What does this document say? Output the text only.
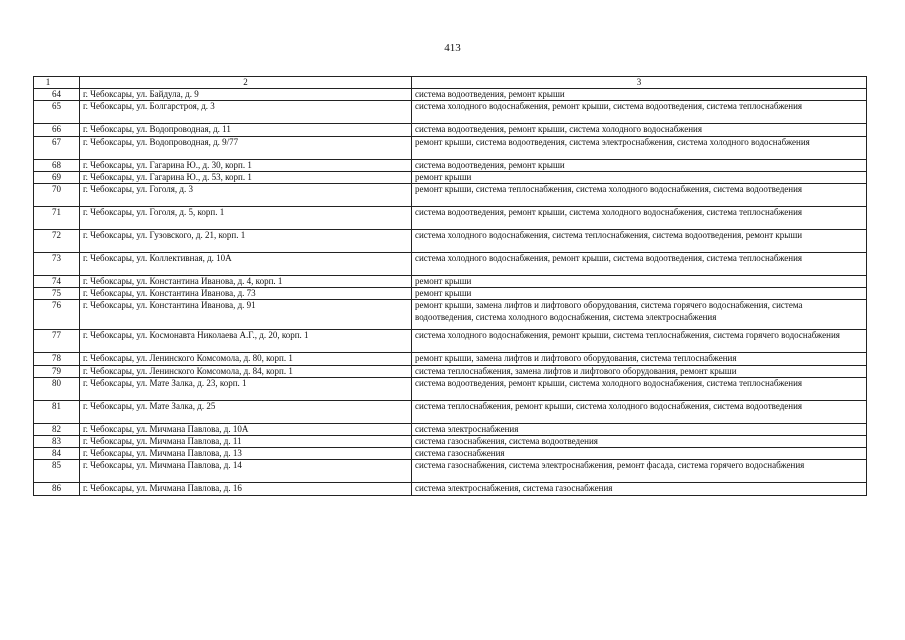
413
1	2	3
64	г. Чебоксары, ул. Байдула, д. 9	система водоотведения, ремонт крыши
65	г. Чебоксары, ул. Болгарстроя, д. 3	система холодного водоснабжения, ремонт крыши, система водоотведения, система теплоснабжения
66	г. Чебоксары, ул. Водопроводная, д. 11	система водоотведения, ремонт крыши, система холодного водоснабжения
67	г. Чебоксары, ул. Водопроводная, д. 9/77	ремонт крыши, система водоотведения, система электроснабжения, система холодного водоснабжения
68	г. Чебоксары, ул. Гагарина Ю., д. 30, корп. 1	система водоотведения, ремонт крыши
69	г. Чебоксары, ул. Гагарина Ю., д. 53, корп. 1	ремонт крыши
70	г. Чебоксары, ул. Гоголя, д. 3	ремонт крыши, система теплоснабжения, система холодного водоснабжения, система водоотведения
71	г. Чебоксары, ул. Гоголя, д. 5, корп. 1	система водоотведения, ремонт крыши, система холодного водоснабжения, система теплоснабжения
72	г. Чебоксары, ул. Гузовского, д. 21, корп. 1	система холодного водоснабжения, система теплоснабжения, система водоотведения, ремонт крыши
73	г. Чебоксары, ул. Коллективная, д. 10А	система холодного водоснабжения, ремонт крыши, система водоотведения, система теплоснабжения
74	г. Чебоксары, ул. Константина Иванова, д. 4, корп. 1	ремонт крыши
75	г. Чебоксары, ул. Константина Иванова, д. 73	ремонт крыши
76	г. Чебоксары, ул. Константина Иванова, д. 91	ремонт крыши, замена лифтов и лифтового оборудования, система горячего водоснабжения, система водоотведения, система холодного водоснабжения, система электроснабжения
77	г. Чебоксары, ул. Космонавта Николаева А.Г., д. 20, корп. 1	система холодного водоснабжения, ремонт крыши, система теплоснабжения, система горячего водоснабжения
78	г. Чебоксары, ул. Ленинского Комсомола, д. 80, корп. 1	ремонт крыши, замена лифтов и лифтового оборудования, система теплоснабжения
79	г. Чебоксары, ул. Ленинского Комсомола, д. 84, корп. 1	система теплоснабжения, замена лифтов и лифтового оборудования, ремонт крыши
80	г. Чебоксары, ул. Мате Залка, д. 23, корп. 1	система водоотведения, ремонт крыши, система холодного водоснабжения, система теплоснабжения
81	г. Чебоксары, ул. Мате Залка, д. 25	система теплоснабжения, ремонт крыши, система холодного водоснабжения, система водоотведения
82	г. Чебоксары, ул. Мичмана Павлова, д. 10А	система электроснабжения
83	г. Чебоксары, ул. Мичмана Павлова, д. 11	система газоснабжения, система водоотведения
84	г. Чебоксары, ул. Мичмана Павлова, д. 13	система газоснабжения
85	г. Чебоксары, ул. Мичмана Павлова, д. 14	система газоснабжения, система электроснабжения, ремонт фасада, система горячего водоснабжения
86	г. Чебоксары, ул. Мичмана Павлова, д. 16	система электроснабжения, система газоснабжения
